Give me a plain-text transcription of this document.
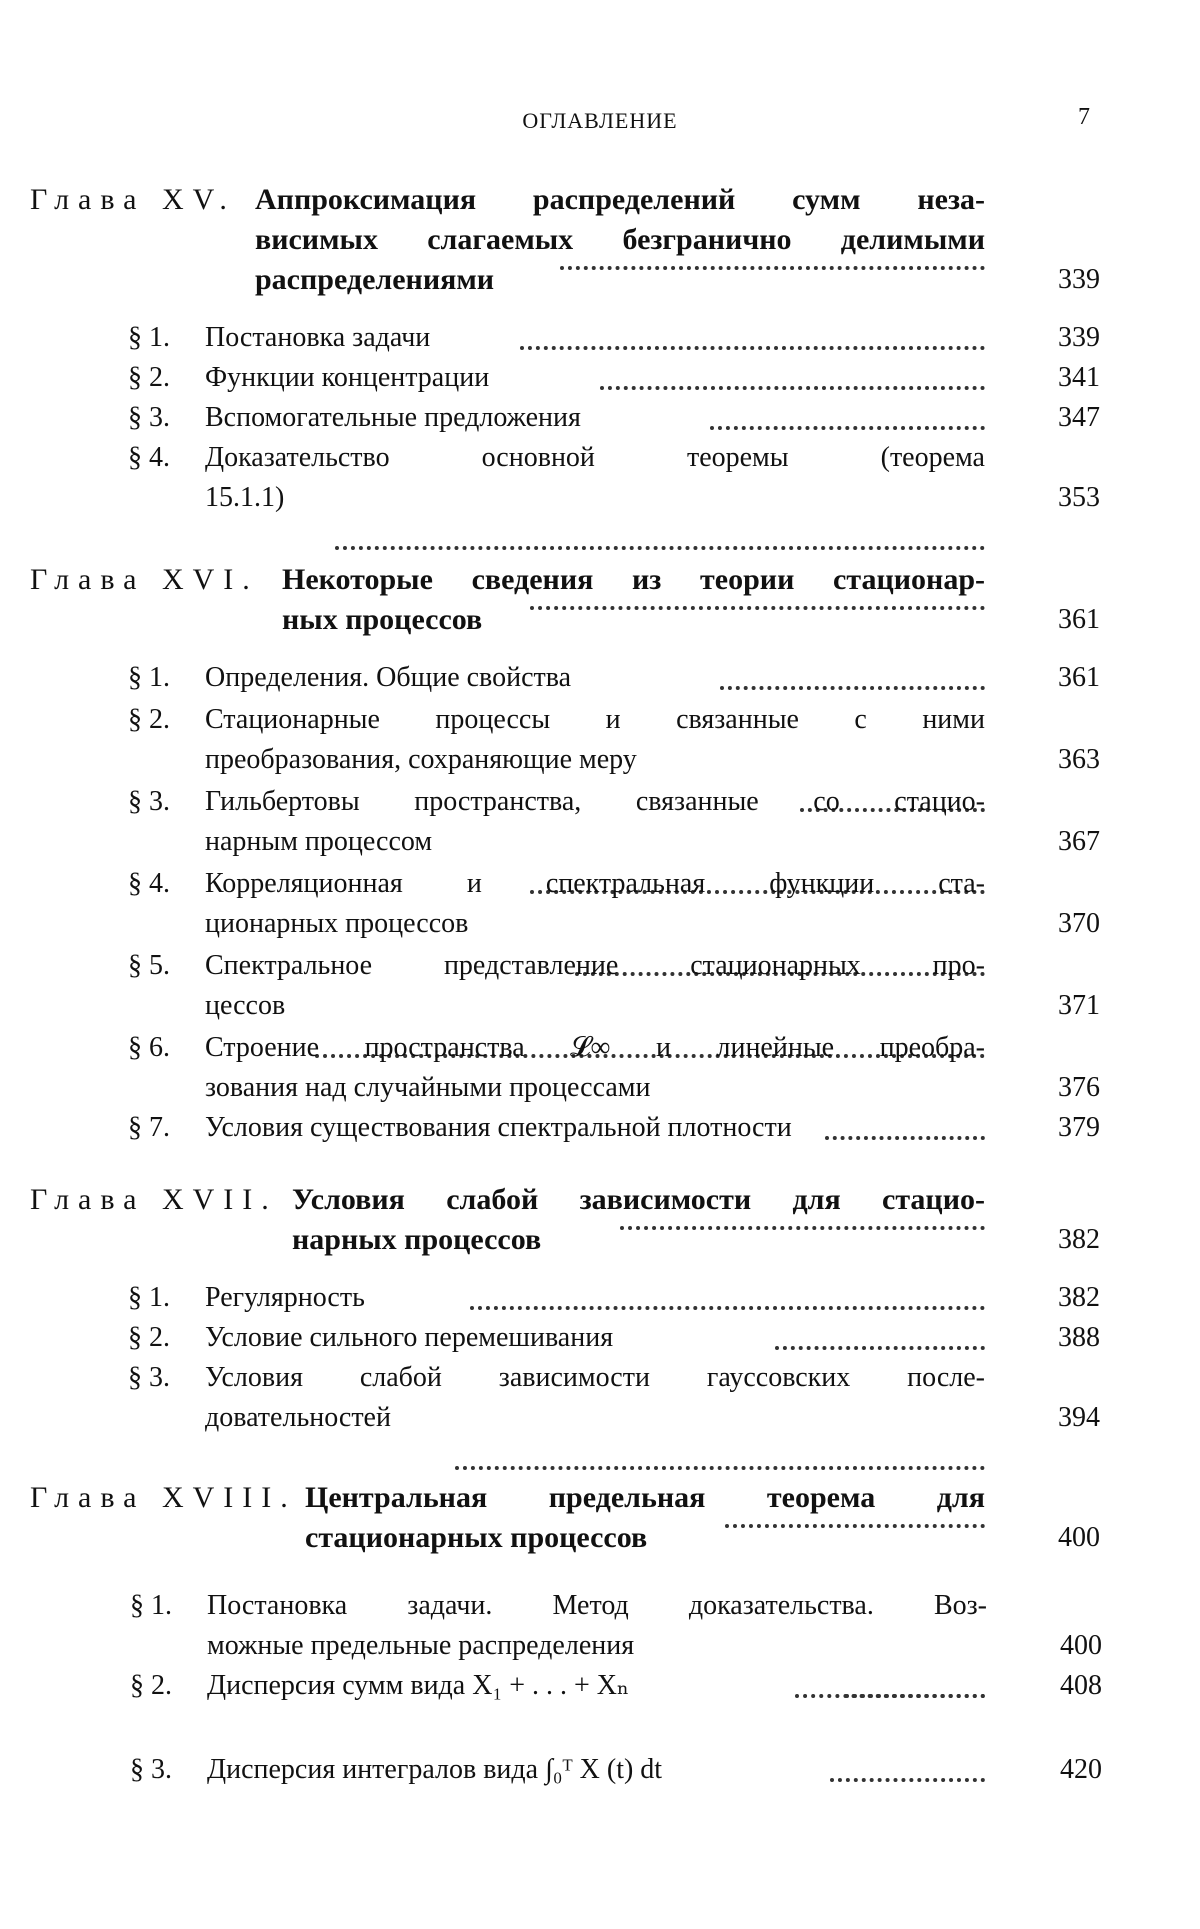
ОГЛАВЛЕНИЕ	7
Глава XV. Аппроксимация распределений сумм неза-
висимых слагаемых безгранично делимыми
распределениями	339
§ 1. Постановка задачи	339
§ 2. Функции концентрации	341
§ 3. Вспомогательные предложения	347
§ 4. Доказательство основной теоремы (теорема
15.1.1)	353
Глава XVI. Некоторые сведения из теории стационар-
ных процессов	361
§ 1. Определения. Общие свойства	361
§ 2. Стационарные процессы и связанные с ними
преобразования, сохраняющие меру	363
§ 3. Гильбертовы пространства, связанные со стацио-
нарным процессом	367
§ 4. Корреляционная и спектральная функции ста-
ционарных процессов	370
§ 5. Спектральное представление стационарных про-
цессов	371
§ 6. Строение пространства 𝓛∞ и линейные преобра-
зования над случайными процессами	376
§ 7. Условия существования спектральной плотности	379
Глава XVII. Условия слабой зависимости для стацио-
нарных процессов	382
§ 1. Регулярность	382
§ 2. Условие сильного перемешивания	388
§ 3. Условия слабой зависимости гауссовских после-
довательностей	394
Глава XVIII. Центральная предельная теорема для
стационарных процессов	400
§ 1. Постановка задачи. Метод доказательства. Воз-
можные предельные распределения	400
§ 2. Дисперсия сумм вида X₁ + . . . + Xₙ	408
§ 3. Дисперсия интегралов вида ∫₀ᵀ X (t) dt	420
